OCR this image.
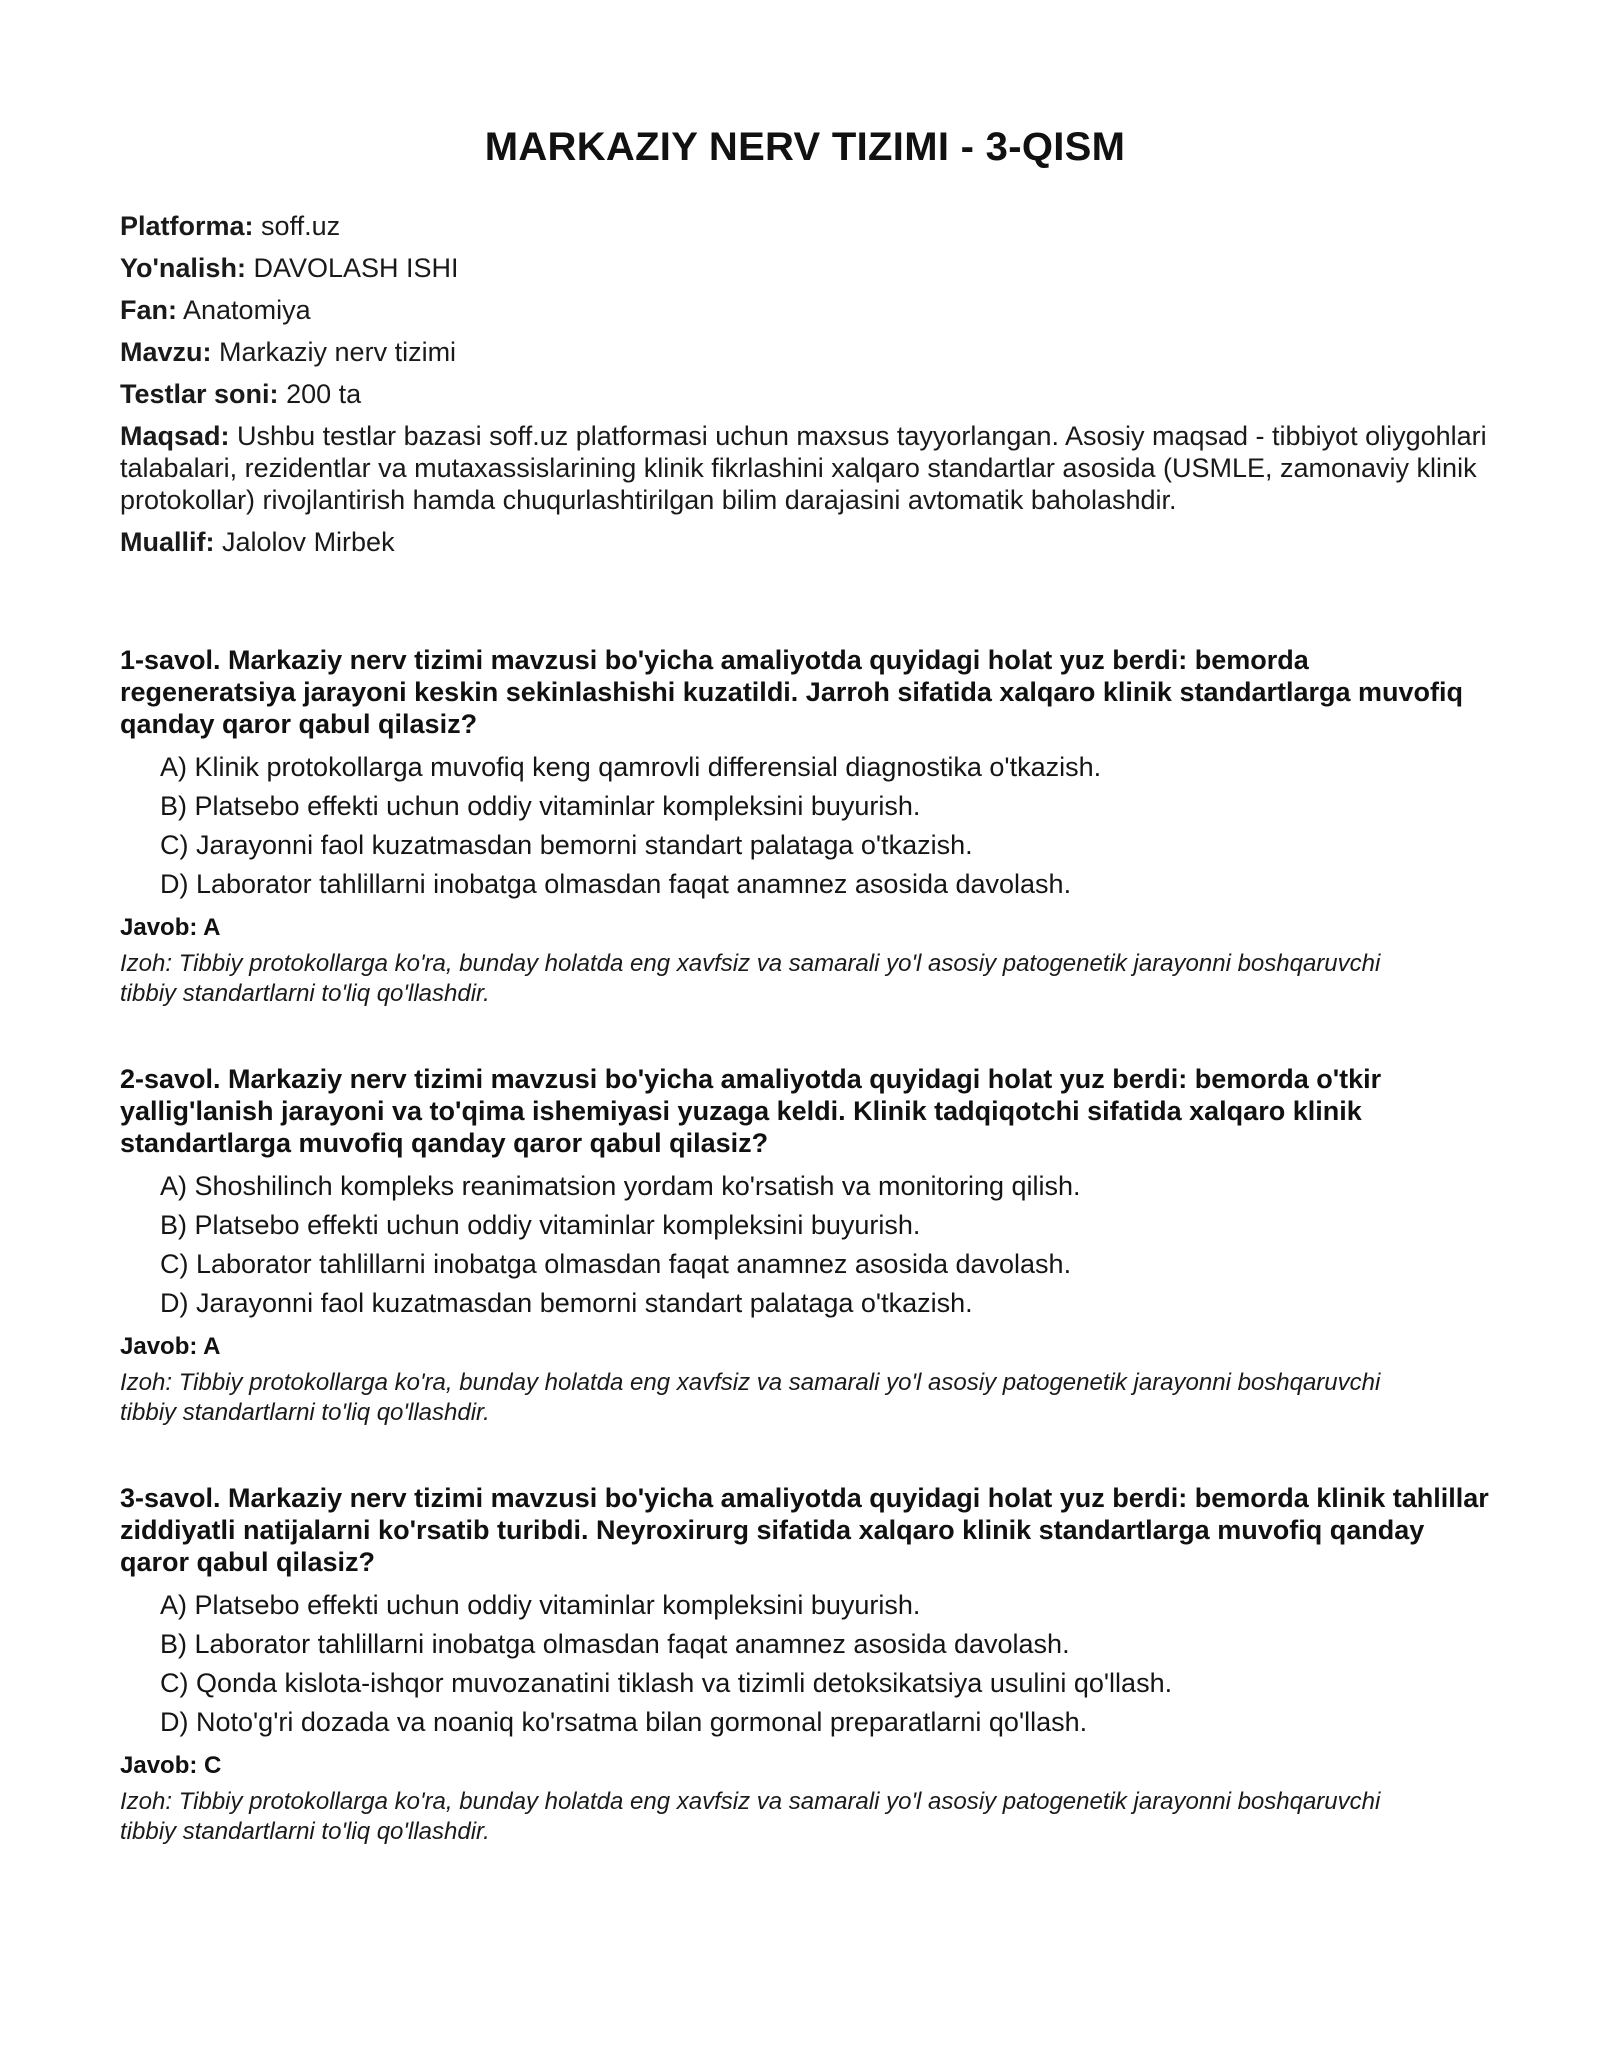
MARKAZIY NERV TIZIMI - 3-QISM
Platforma: soff.uz
Yo'nalish: DAVOLASH ISHI
Fan: Anatomiya
Mavzu: Markaziy nerv tizimi
Testlar soni: 200 ta
Maqsad: Ushbu testlar bazasi soff.uz platformasi uchun maxsus tayyorlangan. Asosiy maqsad - tibbiyot oliygohlari talabalari, rezidentlar va mutaxassislarining klinik fikrlashini xalqaro standartlar asosida (USMLE, zamonaviy klinik protokollar) rivojlantirish hamda chuqurlashtirilgan bilim darajasini avtomatik baholashdir.
Muallif: Jalolov Mirbek

1-savol. Markaziy nerv tizimi mavzusi bo'yicha amaliyotda quyidagi holat yuz berdi: bemorda regeneratsiya jarayoni keskin sekinlashishi kuzatildi. Jarroh sifatida xalqaro klinik standartlarga muvofiq qanday qaror qabul qilasiz?

A) Klinik protokollarga muvofiq keng qamrovli differensial diagnostika o'tkazish.
B) Platsebo effekti uchun oddiy vitaminlar kompleksini buyurish.
C) Jarayonni faol kuzatmasdan bemorni standart palataga o'tkazish.
D) Laborator tahlillarni inobatga olmasdan faqat anamnez asosida davolash.
Javob: A

Izoh: Tibbiy protokollarga ko'ra, bunday holatda eng xavfsiz va samarali yo'l asosiy patogenetik jarayonni boshqaruvchi tibbiy standartlarni to'liq qo'llashdir.

2-savol. Markaziy nerv tizimi mavzusi bo'yicha amaliyotda quyidagi holat yuz berdi: bemorda o'tkir yallig'lanish jarayoni va to'qima ishemiyasi yuzaga keldi. Klinik tadqiqotchi sifatida xalqaro klinik standartlarga muvofiq qanday qaror qabul qilasiz?

A) Shoshilinch kompleks reanimatsion yordam ko'rsatish va monitoring qilish.
B) Platsebo effekti uchun oddiy vitaminlar kompleksini buyurish.
C) Laborator tahlillarni inobatga olmasdan faqat anamnez asosida davolash.
D) Jarayonni faol kuzatmasdan bemorni standart palataga o'tkazish.
Javob: A

Izoh: Tibbiy protokollarga ko'ra, bunday holatda eng xavfsiz va samarali yo'l asosiy patogenetik jarayonni boshqaruvchi tibbiy standartlarni to'liq qo'llashdir.

3-savol. Markaziy nerv tizimi mavzusi bo'yicha amaliyotda quyidagi holat yuz berdi: bemorda klinik tahlillar ziddiyatli natijalarni ko'rsatib turibdi. Neyroxirurg sifatida xalqaro klinik standartlarga muvofiq qanday qaror qabul qilasiz?

A) Platsebo effekti uchun oddiy vitaminlar kompleksini buyurish.
B) Laborator tahlillarni inobatga olmasdan faqat anamnez asosida davolash.
C) Qonda kislota-ishqor muvozanatini tiklash va tizimli detoksikatsiya usulini qo'llash.
D) Noto'g'ri dozada va noaniq ko'rsatma bilan gormonal preparatlarni qo'llash.
Javob: C

Izoh: Tibbiy protokollarga ko'ra, bunday holatda eng xavfsiz va samarali yo'l asosiy patogenetik jarayonni boshqaruvchi tibbiy standartlarni to'liq qo'llashdir.
